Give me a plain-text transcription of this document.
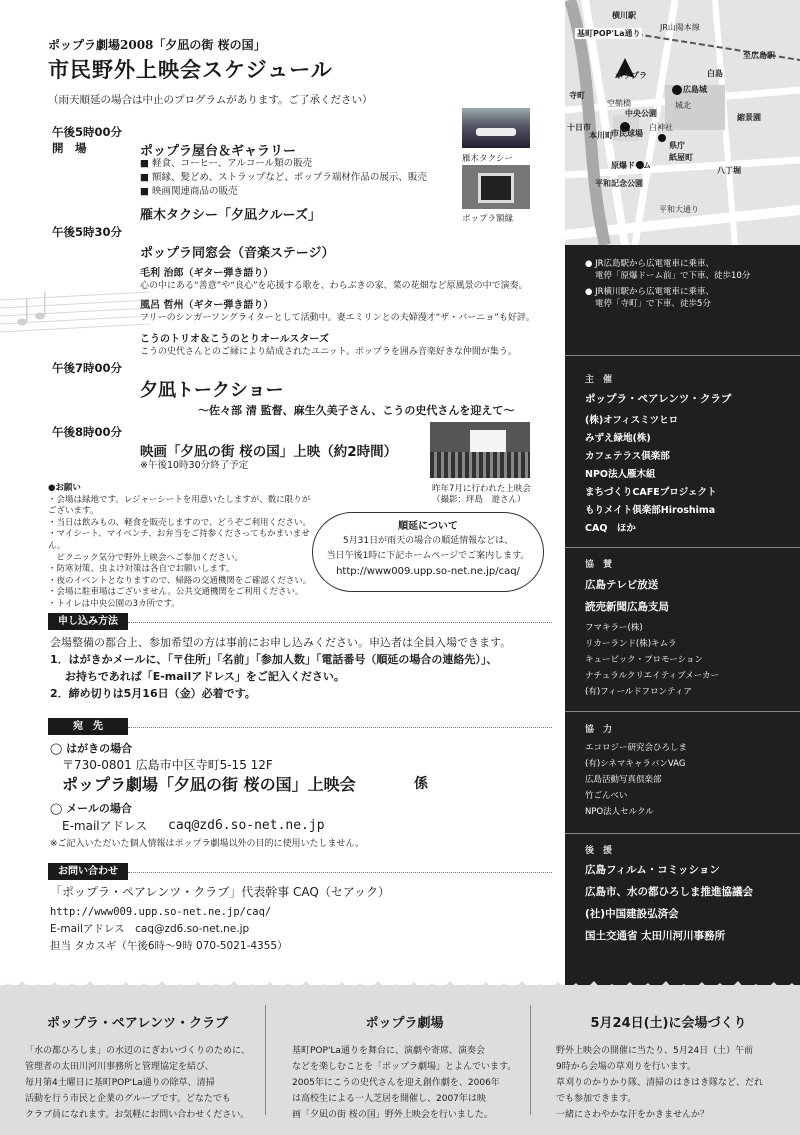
ポップラ劇場2008「夕凪の街 桜の国」
市民野外上映会スケジュール
（雨天順延の場合は中止のプログラムがあります。ご了承ください）
午後5時00分
開　場	ポップラ屋台＆ギャラリー
■ 軽食、コーヒー、アルコール類の販売
■ 額縁、髪どめ、ストラップなど、ポップラ端材作品の展示、販売
■ 映画関連商品の販売
雁木タクシー「夕凪クルーズ」
雁木タクシー
ポップラ額縁
午後5時30分
ポップラ同窓会（音楽ステージ）
毛利 治郎（ギター弾き語り）
心の中にある“善意”や“良心”を応援する歌を、わらぶきの家、菜の花畑など原風景の中で演奏。
風呂 哲州（ギター弾き語り）
フリーのシンガーソングライターとして活動中。妻エミリンとの夫婦漫才“ザ・バーニョ”も好評。
こうのトリオ＆こうのとりオールスターズ
こうの史代さんとのご縁により結成されたユニット。ポップラを囲み音楽好きな仲間が集う。
午後7時00分
夕凪トークショー
〜佐々部 清 監督、麻生久美子さん、こうの史代さんを迎えて〜
午後8時00分
映画「夕凪の街 桜の国」上映（約2時間）
※午後10時30分終了予定
昨年7月に行われた上映会
（撮影：坪島　遊さん）
●お願い
・会場は緑地です。レジャーシートを用意いたしますが、数に限りがございます。
・当日は飲みもの、軽食を販売しますので、どうぞご利用ください。
・マイシート、マイベンチ、お弁当をご持参くださってもかまいません。
　ピクニック気分で野外上映会へご参加ください。
・防寒対策、虫よけ対策は各自でお願いします。
・夜のイベントとなりますので、帰路の交通機関をご確認ください。
・会場に駐車場はございません。公共交通機関をご利用ください。
・トイレは中央公園の3カ所です。
順延について
5月31日が雨天の場合の順延情報などは、
当日午後1時に下記ホームページでご案内します。
http://www009.upp.so-net.ne.jp/caq/
申し込み方法
会場整備の都合上、参加希望の方は事前にお申し込みください。申込者は全員入場できます。
1．はがきかメールに、「〒住所」「名前」「参加人数」「電話番号（順延の場合の連絡先）」、
　 お持ちであれば「E-mailアドレス」をご記入ください。
2．締め切りは5月16日（金）必着です。
宛　先
◯ はがきの場合
〒730-0801 広島市中区寺町5-15 12F
ポップラ劇場「夕凪の街 桜の国」上映会	係
◯ メールの場合
E-mailアドレス caq@zd6.so-net.ne.jp
※ご記入いただいた個人情報はポップラ劇場以外の目的に使用いたしません。
お問い合わせ
「ポップラ・ペアレンツ・クラブ」代表幹事 CAQ（セアック）
http://www009.upp.so-net.ne.jp/caq/
E-mailアドレス　caq@zd6.so-net.ne.jp
担当 タカスギ（午後6時〜9時 070-5021-4355）
横川駅
基町POP'La通り
JR山陽本線
至広島駅
ポップラ	白島
寺町
広島城
空鞘橋
中央公園
城北
十日市
本川町
市民球場
県庁
縮景園
原爆ドーム
紙屋町
八丁堀
平和記念公園
平和大通り
白神社
● JR広島駅から広電電車に乗車、
電停「原爆ドーム前」で下車、徒歩10分
● JR横川駅から広電電車に乗車、
電停「寺町」で下車、徒歩5分
主　催
ポップラ・ペアレンツ・クラブ
(株)オフィスミツヒロ
みずえ緑地(株)
カフェテラス倶楽部
NPO法人雁木組
まちづくりCAFEプロジェクト
もりメイト倶楽部Hiroshima
CAQ　ほか
協　賛
広島テレビ放送
読売新聞広島支局
フマキラー(株)
リカーランド(株)キムラ
キュービック・プロモーション
ナチュラルクリエイティブメーカー
(有)フィールドフロンティア
協　力
エコロジー研究会ひろしま
(有)シネマキャラバンVAG
広島活動写真倶楽部
竹ごんべい
NPO法人セルクル
後　援
広島フィルム・コミッション
広島市、水の都ひろしま推進協議会
(社)中国建設弘済会
国土交通省 太田川河川事務所
ポップラ・ペアレンツ・クラブ
「水の都ひろしま」の水辺のにぎわいづくりのために、
管理者の太田川河川事務所と管理協定を結び、
毎月第4土曜日に基町POP'La通りの除草、清掃
活動を行う市民と企業のグループです。どなたでも
クラブ員になれます。お気軽にお問い合わせください。
ポップラ劇場
基町POP'La通りを舞台に、演劇や寄席、演奏会
などを楽しむことを「ポップラ劇場」とよんでいます。
2005年にこうの史代さんを迎え創作劇を、2006年
は高校生による一人芝居を開催し、2007年は映
画「夕凪の街 桜の国」野外上映会を行いました。
5月24日(土)に会場づくり
野外上映会の開催に当たり、5月24日（土）午前
9時から会場の草刈りを行います。
草刈りのかりかり隊、清掃のはきはき隊など、だれ
でも参加できます。
一緒にさわやかな汗をかきませんか？
